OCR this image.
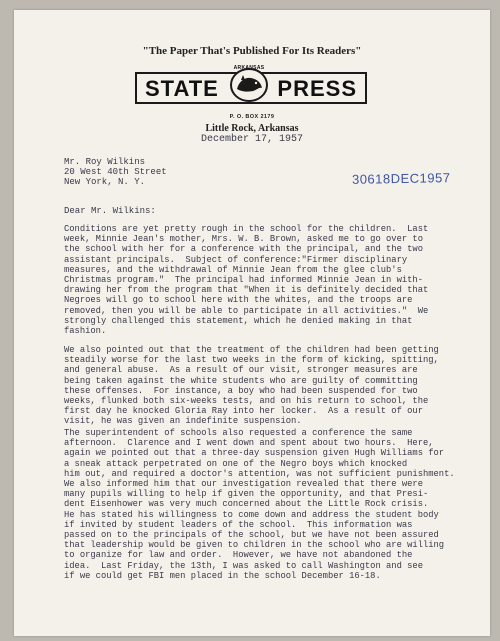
"The Paper That's Published For Its Readers"

STATE	PRESS

ARKANSAS

P. O. BOX 2179

Little Rock, Arkansas

December 17, 1957

Mr. Roy Wilkins
20 West 40th Street
New York, N. Y.	30618DEC1957

Dear Mr. Wilkins:

Conditions are yet pretty rough in the school for the children.  Last
week, Minnie Jean's mother, Mrs. W. B. Brown, asked me to go over to
the school with her for a conference with the principal, and the two
assistant principals.  Subject of conference:"Firmer disciplinary
measures, and the withdrawal of Minnie Jean from the glee club's
Christmas program."  The principal had informed Minnie Jean in with-
drawing her from the program that "When it is definitely decided that
Negroes will go to school here with the whites, and the troops are
removed, then you will be able to participate in all activities."  We
strongly challenged this statement, which he denied making in that
fashion.
We also pointed out that the treatment of the children had been getting
steadily worse for the last two weeks in the form of kicking, spitting,
and general abuse.  As a result of our visit, stronger measures are
being taken against the white students who are guilty of committing
these offenses.  For instance, a boy who had been suspended for two
weeks, flunked both six-weeks tests, and on his return to school, the
first day he knocked Gloria Ray into her locker.  As a result of our
visit, he was given an indefinite suspension.
The superintendent of schools also requested a conference the same
afternoon.  Clarence and I went down and spent about two hours.  Here,
again we pointed out that a three-day suspension given Hugh Williams for
a sneak attack perpetrated on one of the Negro boys which knocked
him out, and required a doctor's attention, was not sufficient punishment.
We also informed him that our investigation revealed that there were
many pupils willing to help if given the opportunity, and that Presi-
dent Eisenhower was very much concerned about the Little Rock crisis.
He has stated his willingness to come down and address the student body
if invited by student leaders of the school.  This information was
passed on to the principals of the school, but we have not been assured
that leadership would be given to children in the school who are willing
to organize for law and order.  However, we have not abandoned the
idea.  Last Friday, the 13th, I was asked to call Washington and see
if we could get FBI men placed in the school December 16-18.
